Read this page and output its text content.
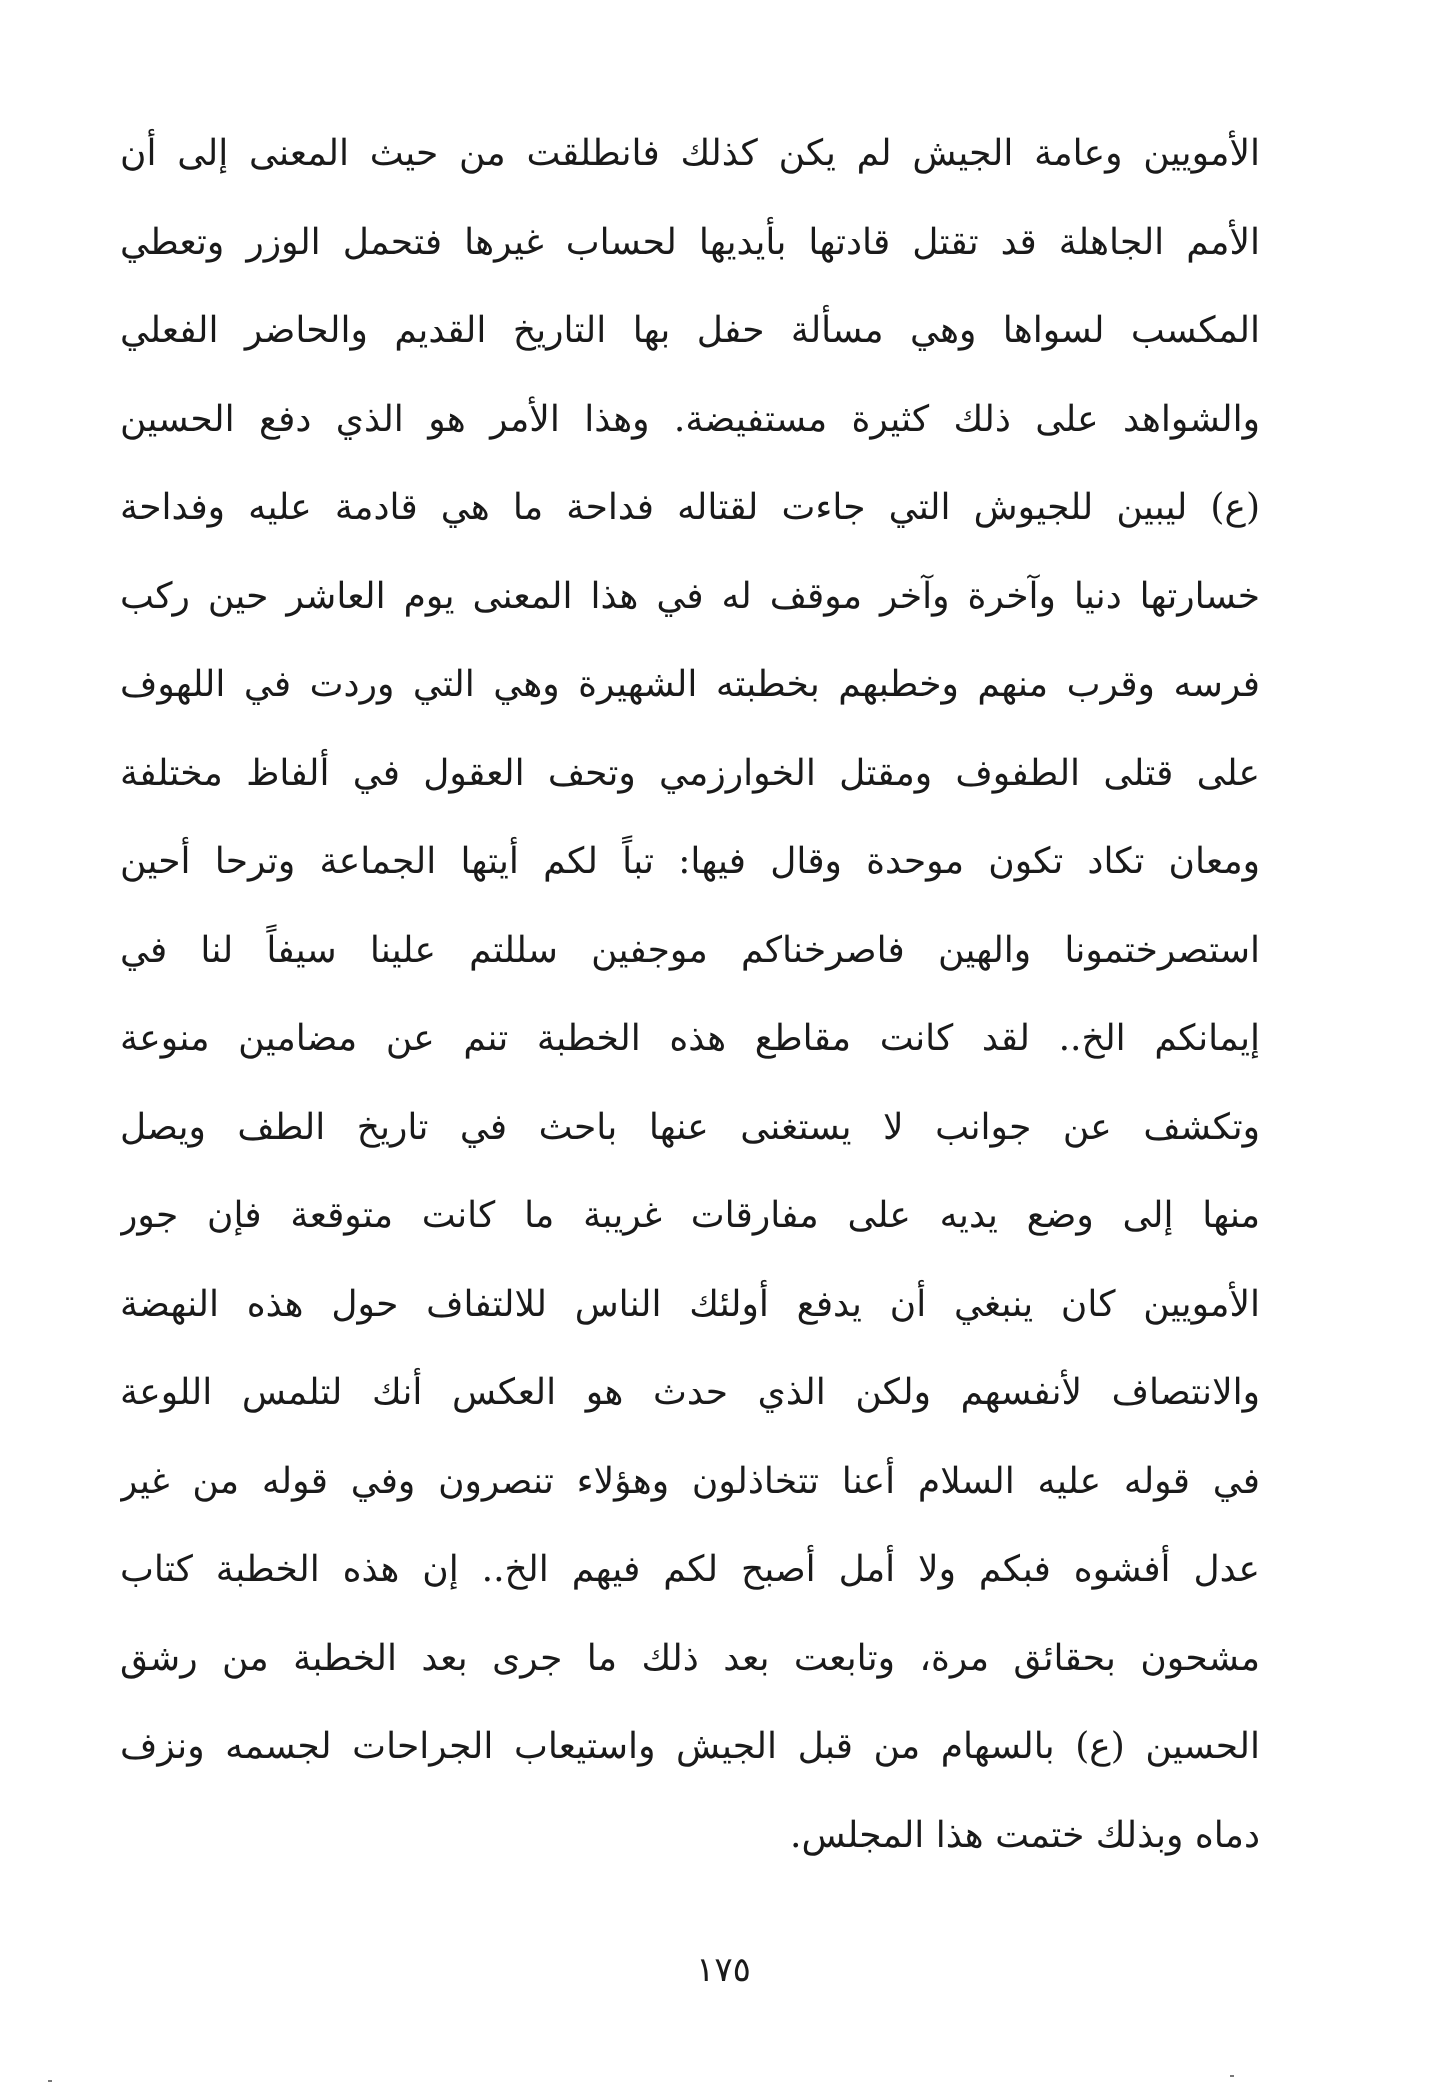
الأمويين وعامة الجيش لم يكن كذلك فانطلقت من حيث المعنى إلى أن
الأمم الجاهلة قد تقتل قادتها بأيديها لحساب غيرها فتحمل الوزر وتعطي
المكسب لسواها وهي مسألة حفل بها التاريخ القديم والحاضر الفعلي
والشواهد على ذلك كثيرة مستفيضة. وهذا الأمر هو الذي دفع الحسين
(ع) ليبين للجيوش التي جاءت لقتاله فداحة ما هي قادمة عليه وفداحة
خسارتها دنيا وآخرة وآخر موقف له في هذا المعنى يوم العاشر حين ركب
فرسه وقرب منهم وخطبهم بخطبته الشهيرة وهي التي وردت في اللهوف
على قتلى الطفوف ومقتل الخوارزمي وتحف العقول في ألفاظ مختلفة
ومعان تكاد تكون موحدة وقال فيها: تباً لكم أيتها الجماعة وترحا أحين
استصرختمونا والهين فاصرخناكم موجفين سللتم علينا سيفاً لنا في
إيمانكم الخ.. لقد كانت مقاطع هذه الخطبة تنم عن مضامين منوعة
وتكشف عن جوانب لا يستغنى عنها باحث في تاريخ الطف ويصل
منها إلى وضع يديه على مفارقات غريبة ما كانت متوقعة فإن جور
الأمويين كان ينبغي أن يدفع أولئك الناس للالتفاف حول هذه النهضة
والانتصاف لأنفسهم ولكن الذي حدث هو العكس أنك لتلمس اللوعة
في قوله عليه السلام أعنا تتخاذلون وهؤلاء تنصرون وفي قوله من غير
عدل أفشوه فبكم ولا أمل أصبح لكم فيهم الخ.. إن هذه الخطبة كتاب
مشحون بحقائق مرة، وتابعت بعد ذلك ما جرى بعد الخطبة من رشق
الحسين (ع) بالسهام من قبل الجيش واستيعاب الجراحات لجسمه ونزف
دماه وبذلك ختمت هذا المجلس.
١٧٥
